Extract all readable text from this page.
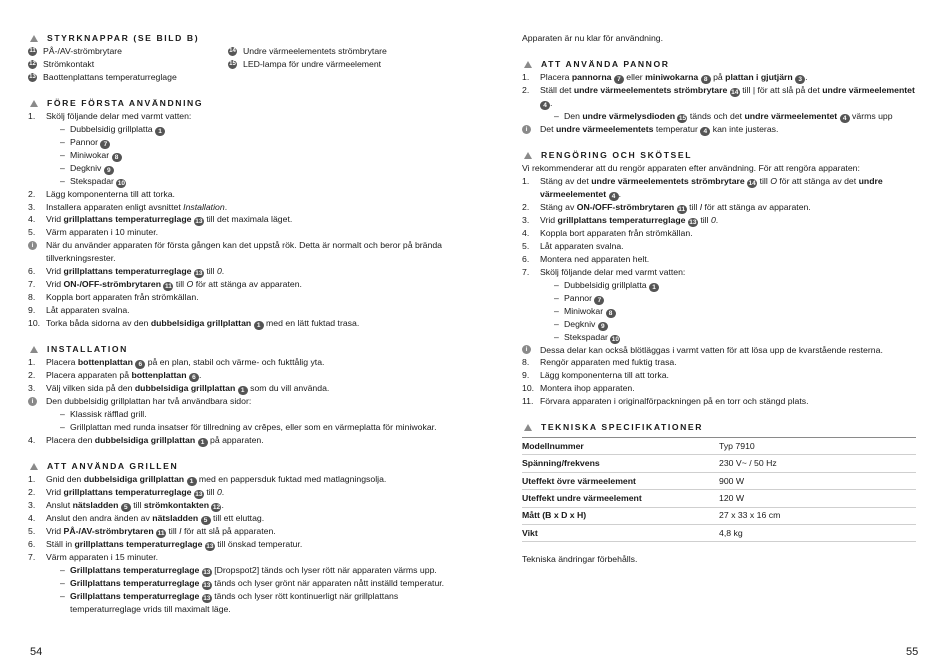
STYRKNAPPAR (SE BILD B)
11 PÅ-/AV-strömbrytare
12 Strömkontakt
13 Baottenplattans temperaturreglage
14 Undre värmeelementets strömbrytare
15 LED-lampa för undre värmeelement
FÖRE FÖRSTA ANVÄNDNING
1.	Skölj följande delar med varmt vatten:
– Dubbelsidig grillplatta 1
– Pannor 7
– Miniwokar 8
– Degkniv 9
– Stekspadar 10
2.	Lägg komponenterna till att torka.
3.	Installera apparaten enligt avsnittet Installation.
4.	Vrid grillplattans temperaturreglage 13 till det maximala läget.
5.	Värm apparaten i 10 minuter.
i	När du använder apparaten för första gången kan det uppstå rök. Detta är normalt och beror på brända tillverkningsrester.
6.	Vrid grillplattans temperaturreglage 13 till 0.
7.	Vrid ON-/OFF-strömbrytaren 11 till O för att stänga av apparaten.
8.	Koppla bort apparaten från strömkällan.
9.	Låt apparaten svalna.
10. Torka båda sidorna av den dubbelsidiga grillplattan 1 med en lätt fuktad trasa.
INSTALLATION
1.	Placera bottenplattan 6 på en plan, stabil och värme- och fukttålig yta.
2.	Placera apparaten på bottenplattan 6 .
3.	Välj vilken sida på den dubbelsidiga grillplattan 1 som du vill använda.
i	Den dubbelsidig grillplattan har två användbara sidor:
– Klassisk räfflad grill.
– Grillplattan med runda insatser för tillredning av crêpes, eller som en värmeplatta för miniwokar.
4.	Placera den dubbelsidiga grillplattan 1 på apparaten.
ATT ANVÄNDA GRILLEN
1.	Gnid den dubbelsidiga grillplattan 1 med en pappersduk fuktad med matlagningsolja.
2.	Vrid grillplattans temperaturreglage 13 till 0.
3.	Anslut nätsladden 5 till strömkontakten 12.
4.	Anslut den andra änden av nätsladden 5 till ett eluttag.
5.	Vrid PÅ-/AV-strömbrytaren 11 till I för att slå på apparaten.
6.	Ställ in grillplattans temperaturreglage 13 till önskad temperatur.
7.	Värm apparaten i 15 minuter.
– Grillplattans temperaturreglage 13 [Dropspot2] tänds och lyser rött när apparaten värms upp.
– Grillplattans temperaturreglage 13 tänds och lyser grönt när apparaten nått inställd temperatur.
– Grillplattans temperaturreglage 13 tänds och lyser rött kontinuerligt när grillplattans temperaturreglage vrids till maximalt läge.
54
Apparaten är nu klar för användning.
ATT ANVÄNDA PANNOR
1.	Placera pannorna 7 eller miniwokarna 8 på plattan i gjutjärn 3 .
2.	Ställ det undre värmeelementets strömbrytare 14 till | för att slå på det undre värmeelementet 4 .
– Den undre värmelysdioden 15 tänds och det undre värmeelementet 4 värms upp
i	Det undre värmeelementets temperatur 4 kan inte justeras.
RENGÖRING OCH SKÖTSEL
Vi rekommenderar att du rengör apparaten efter användning. För att rengöra apparaten:
1.	Stäng av det undre värmeelementets strömbrytare 14 till O för att stänga av det undre värmeelementet 4 .
2.	Stäng av ON-/OFF-strömbrytaren 11 till I för att stänga av apparaten.
3.	Vrid grillplattans temperaturreglage 13 till 0.
4.	Koppla bort apparaten från strömkällan.
5.	Låt apparaten svalna.
6.	Montera ned apparaten helt.
7.	Skölj följande delar med varmt vatten:
– Dubbelsidig grillplatta 1
– Pannor 7
– Miniwokar 8
– Degkniv 9
– Stekspadar 10
i	Dessa delar kan också blötläggas i varmt vatten för att lösa upp de kvarstående resterna.
8.	Rengör apparaten med fuktig trasa.
9.	Lägg komponenterna till att torka.
10. Montera ihop apparaten.
11. Förvara apparaten i originalförpackningen på en torr och stängd plats.
TEKNISKA SPECIFIKATIONER
Modellnummer	Typ 7910
Spänning/frekvens	230 V~ / 50 Hz
Uteffekt övre värmeelement	900 W
Uteffekt undre värmeelement	120 W
Mått (B x D x H)	27 x 33 x 16 cm
Vikt	4,8 kg
Tekniska ändringar förbehålls.
55
